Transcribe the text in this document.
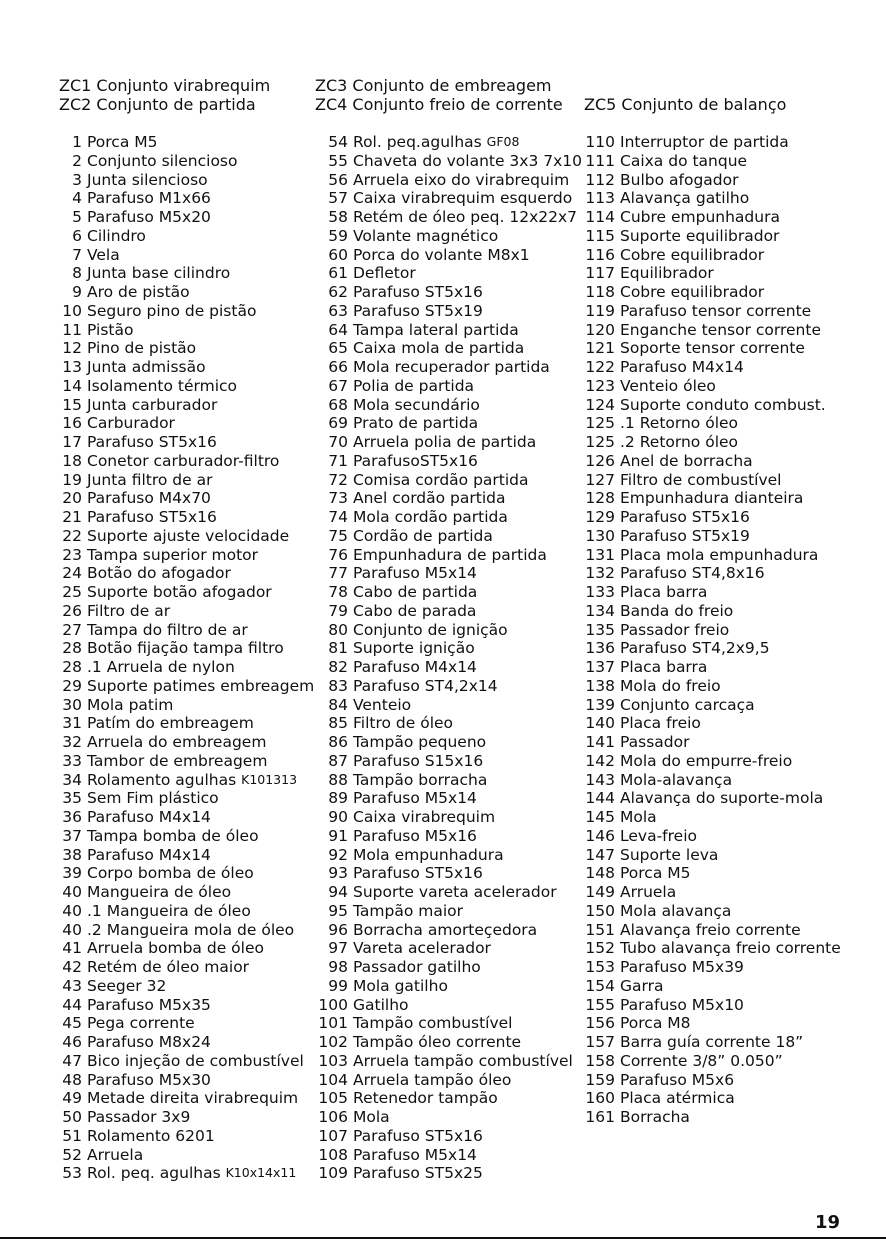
ZC1 Conjunto virabrequim
ZC2 Conjunto de partida
ZC3 Conjunto de embreagem
ZC4 Conjunto freio de corrente ZC5 Conjunto de balanço
1 Porca M5
2 Conjunto silencioso
3 Junta silencioso
4 Parafuso M1x66
5 Parafuso M5x20
6 Cilindro
7 Vela
8 Junta base cilindro
9 Aro de pistão
10 Seguro pino de pistão
11 Pistão
12 Pino de pistão
13 Junta admissão
14 Isolamento térmico
15 Junta carburador
16 Carburador
17 Parafuso ST5x16
18 Conetor carburador-filtro
19 Junta filtro de ar
20 Parafuso M4x70
21 Parafuso ST5x16
22 Suporte ajuste velocidade
23 Tampa superior motor
24 Botão do afogador
25 Suporte botão afogador
26 Filtro de ar
27 Tampa do filtro de ar
28 Botão fijação tampa filtro
28 .1 Arruela de nylon
29 Suporte patimes embreagem
30 Mola patim
31 Patím do embreagem
32 Arruela do embreagem
33 Tambor de embreagem
34 Rolamento agulhas
K101313
35 Sem Fim plástico
36 Parafuso M4x14
37 Tampa bomba de óleo
38 Parafuso M4x14
39 Corpo bomba de óleo
40 Mangueira de óleo
40 .1 Mangueira de óleo
40 .2 Mangueira mola de óleo
41 Arruela bomba de óleo
42 Retém de óleo maior
43 Seeger 32
44 Parafuso M5x35
45 Pega corrente
46 Parafuso M8x24
47 Bico injeção de combustível
48 Parafuso M5x30
49 Metade direita virabrequim
50 Passador 3x9
51 Rolamento 6201
52 Arruela
53 Rol. peq. agulhas
K10x14x11
54 Rol. peq.agulhas
GF08
55 Chaveta do volante 3x3 7x10
56 Arruela eixo do virabrequim
57 Caixa virabrequim esquerdo
58 Retém de óleo peq. 12x22x7
59 Volante magnético
60 Porca do volante M8x1
61 Defletor
62 Parafuso ST5x16
63 Parafuso ST5x19
64 Tampa lateral partida
65 Caixa mola de partida
66 Mola recuperador partida
67 Polia de partida
68 Mola secundário
69 Prato de partida
70 Arruela polia de partida
71 ParafusoST5x16
72 Comisa cordão partida
73 Anel cordão partida
74 Mola cordão partida
75 Cordão de partida
76 Empunhadura de partida
77 Parafuso M5x14
78 Cabo de partida
79 Cabo de parada
80 Conjunto de ignição
81 Suporte ignição
82 Parafuso M4x14
83 Parafuso ST4,2x14
84 Venteio
85 Filtro de óleo
86 Tampão pequeno
87 Parafuso S15x16
88 Tampão borracha
89 Parafuso M5x14
90 Caixa virabrequim
91 Parafuso M5x16
92 Mola empunhadura
93 Parafuso ST5x16
94 Suporte vareta acelerador
95 Tampão maior
96 Borracha amorteçedora
97 Vareta acelerador
98 Passador gatilho
99 Mola gatilho
100 Gatilho
101 Tampão combustível
102 Tampão óleo corrente
103 Arruela tampão combustível
104 Arruela tampão óleo
105 Retenedor tampão
106 Mola
107 Parafuso ST5x16
108 Parafuso M5x14
109 Parafuso ST5x25
110 Interruptor de partida
111 Caixa do tanque
112 Bulbo afogador
113 Alavança gatilho
114 Cubre empunhadura
115 Suporte equilibrador
116 Cobre equilibrador
117 Equilibrador
118 Cobre equilibrador
119 Parafuso tensor corrente
120 Enganche tensor corrente
121 Soporte tensor corrente
122 Parafuso M4x14
123 Venteio óleo
124 Suporte conduto combust.
125 .1 Retorno óleo
125 .2 Retorno óleo
126 Anel de borracha
127 Filtro de combustível
128 Empunhadura dianteira
129 Parafuso ST5x16
130 Parafuso ST5x19
131 Placa mola empunhadura
132 Parafuso ST4,8x16
133 Placa barra
134 Banda do freio
135 Passador freio
136 Parafuso ST4,2x9,5
137 Placa barra
138 Mola do freio
139 Conjunto carcaça
140 Placa freio
141 Passador
142 Mola do empurre-freio
143 Mola-alavança
144 Alavança do suporte-mola
145 Mola
146 Leva-freio
147 Suporte leva
148 Porca M5
149 Arruela
150 Mola alavança
151 Alavança freio corrente
152 Tubo alavança freio corrente
153 Parafuso M5x39
154 Garra
155 Parafuso M5x10
156 Porca M8
157 Barra guía corrente 18”
158 Corrente 3/8” 0.050”
159 Parafuso M5x6
160 Placa atérmica
161 Borracha
19
